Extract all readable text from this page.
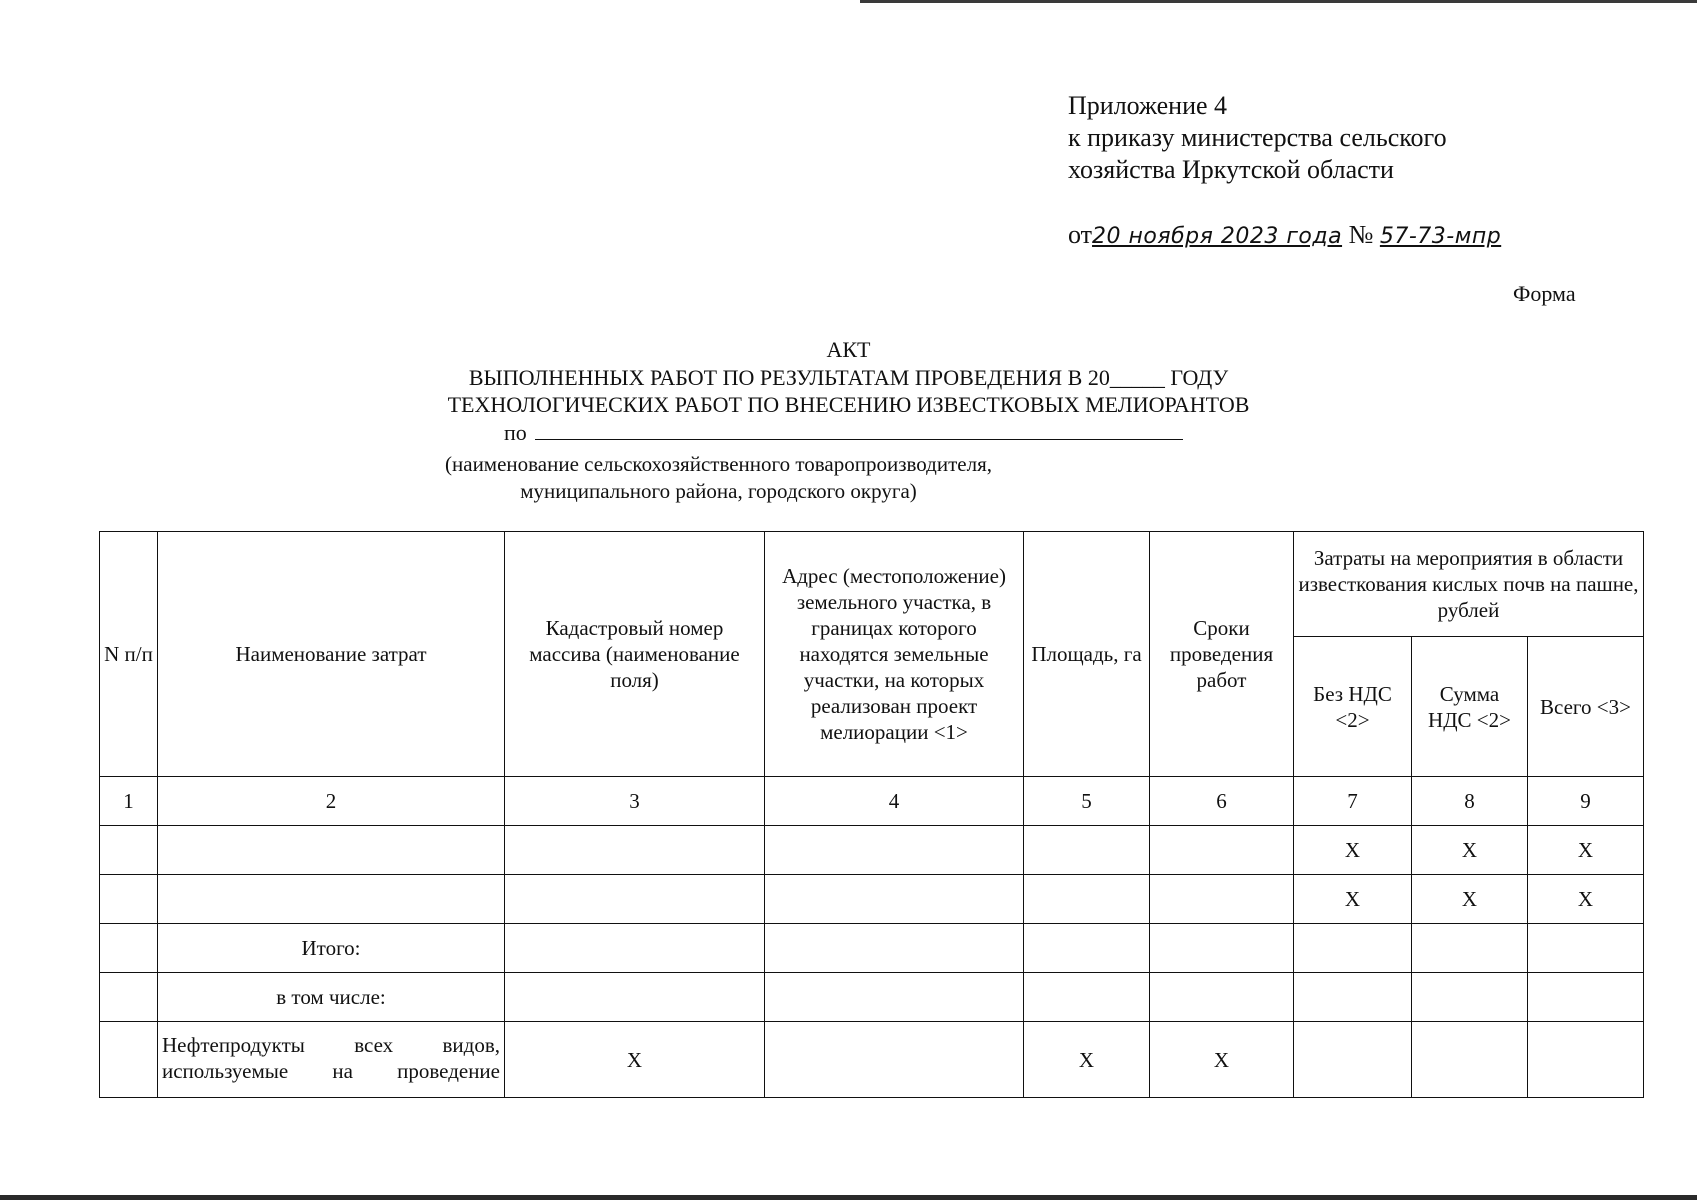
Приложение 4
к приказу министерства сельского
хозяйства Иркутской области
от20 ноября 2023 года № 57-73-мпр
Форма
АКТ
ВЫПОЛНЕННЫХ РАБОТ ПО РЕЗУЛЬТАТАМ ПРОВЕДЕНИЯ В 20_____ ГОДУ
ТЕХНОЛОГИЧЕСКИХ РАБОТ ПО ВНЕСЕНИЮ ИЗВЕСТКОВЫХ МЕЛИОРАНТОВ
по
(наименование сельскохозяйственного товаропроизводителя,
муниципального района, городского округа)
N п/п	Наименование затрат	Кадастровый номер массива (наименование поля)	Адрес (местоположение) земельного участка, в границах которого находятся земельные участки, на которых реализован проект мелиорации <1>	Площадь, га	Сроки проведения работ	Затраты на мероприятия в области известкования кислых почв на пашне, рублей		
						Без НДС <2>	Сумма НДС <2>	Всего <3>
1	2	3	4	5	6	7	8	9
						X	X	X
						X	X	X
	Итого:							
	в том числе:							
	Нефтепродукты всех видов, используемые на проведение	X		X	X			
